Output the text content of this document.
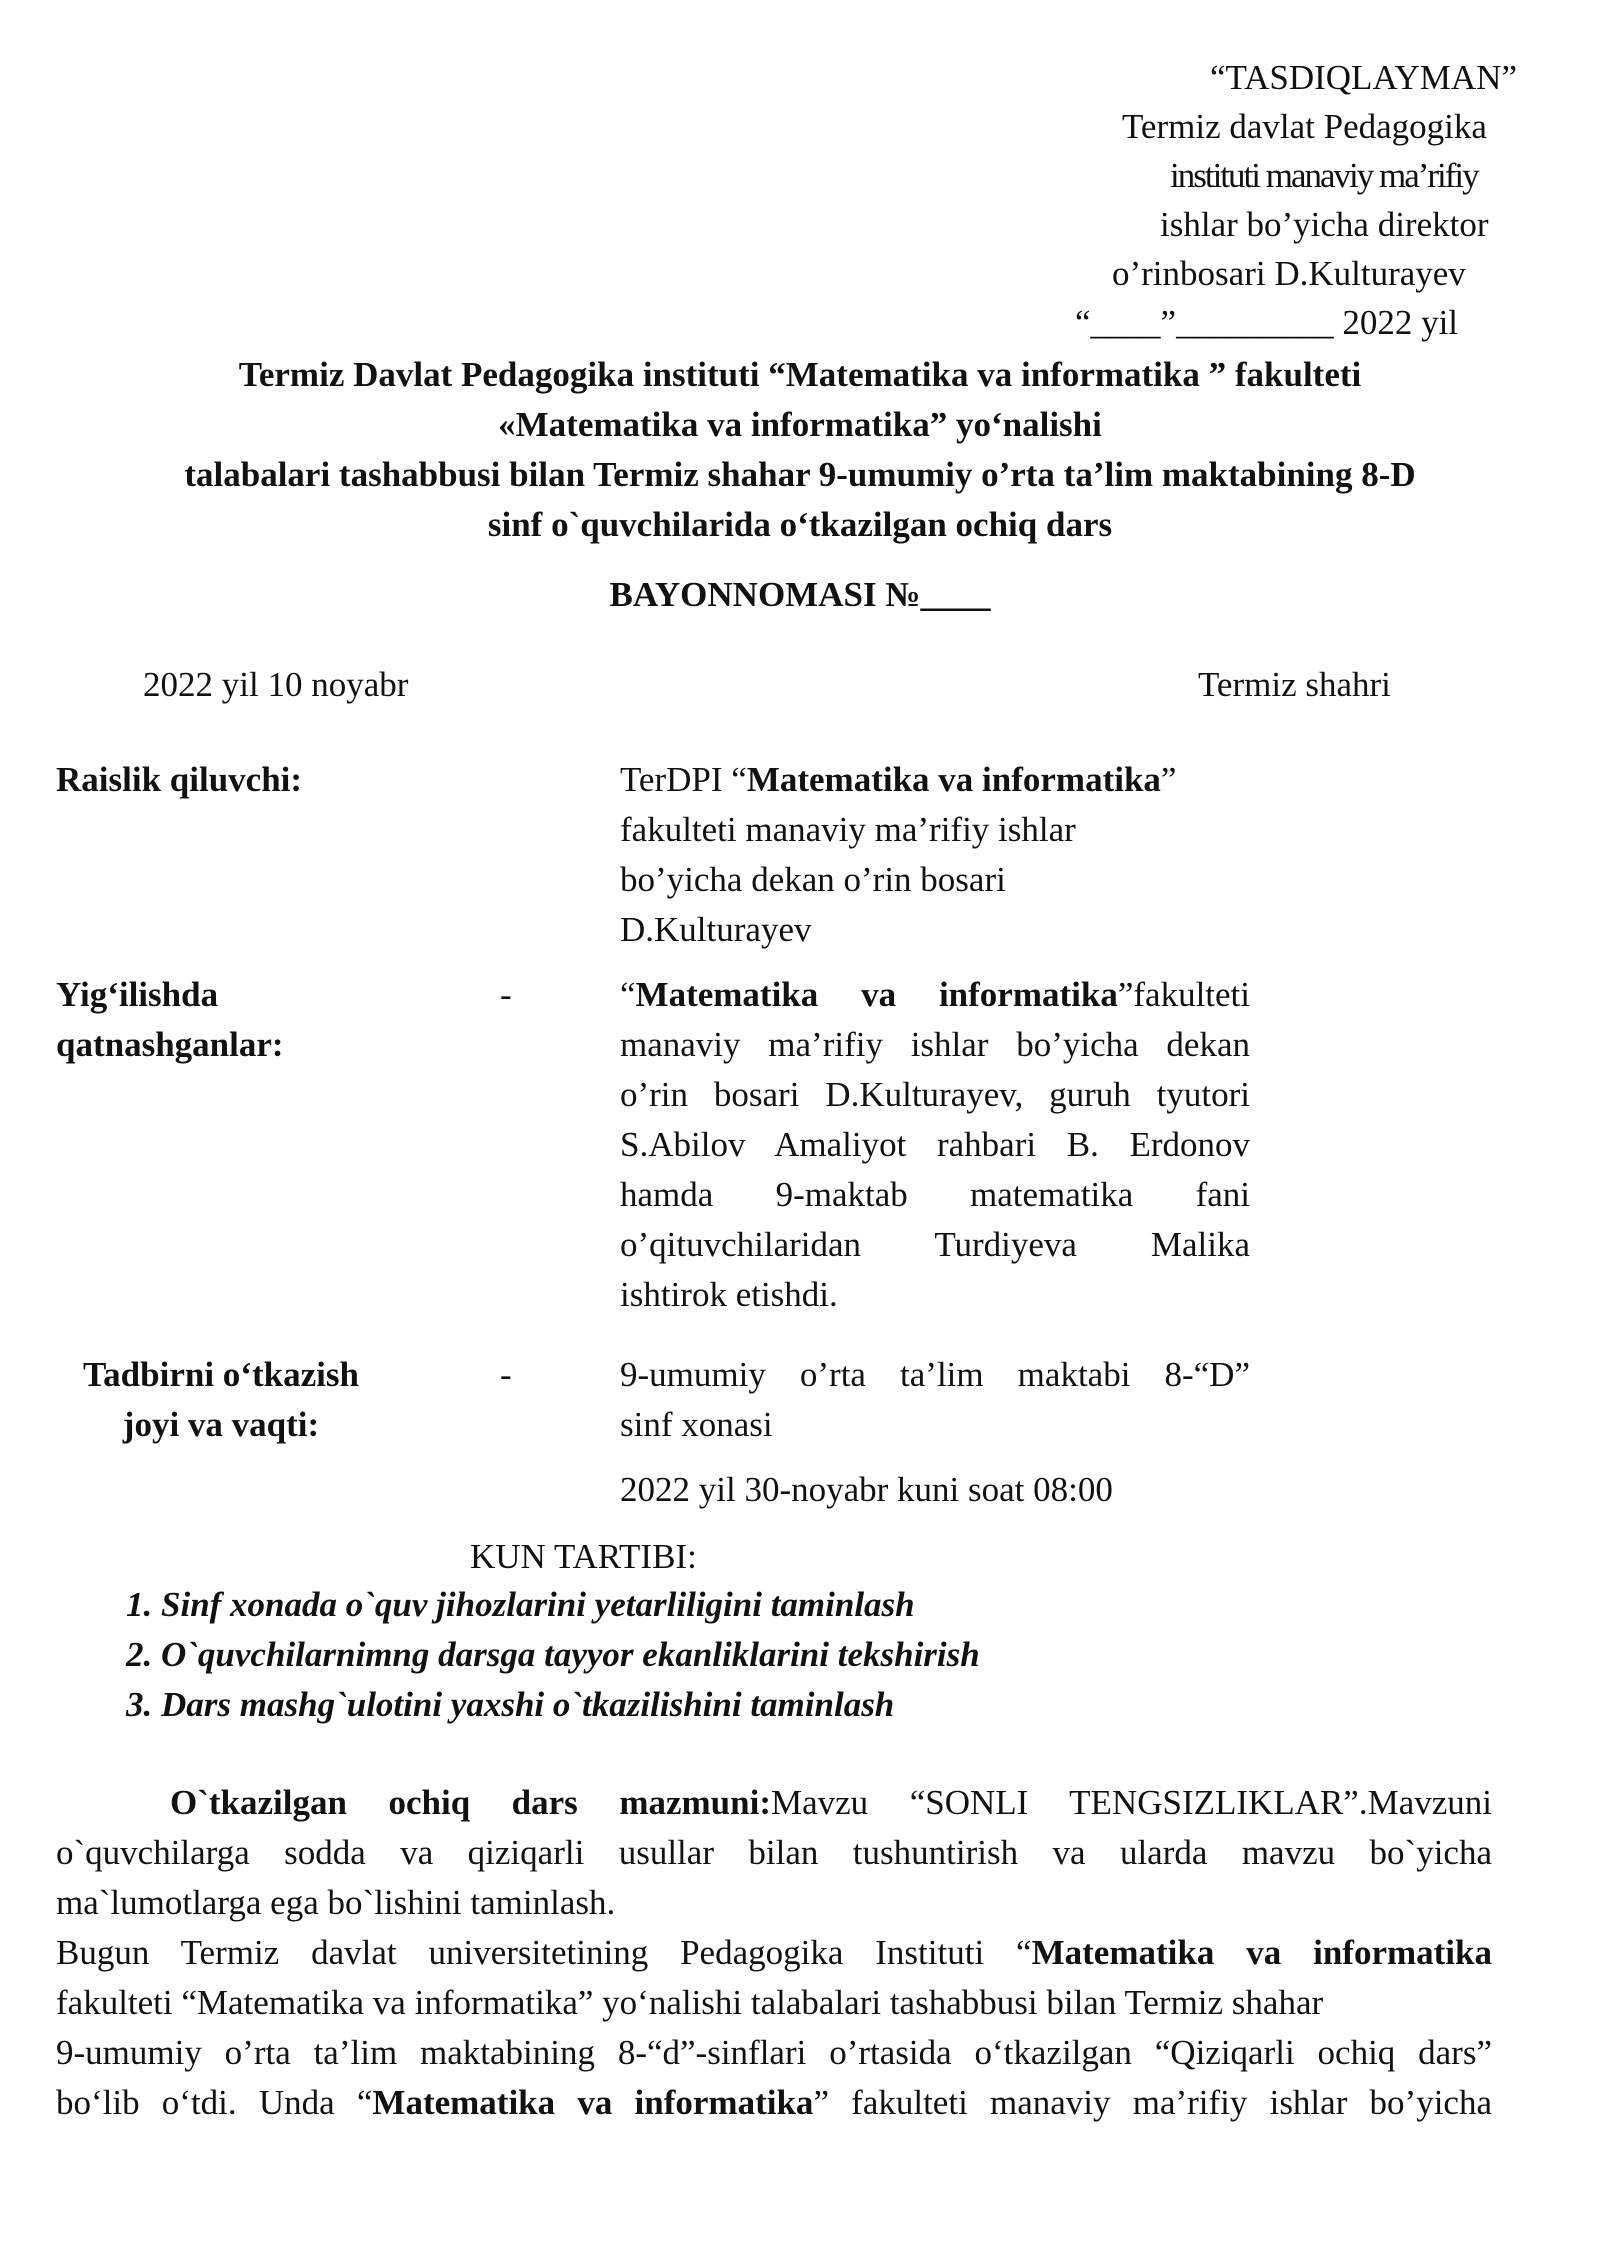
“TASDIQLAYMAN”
Termiz davlat Pedagogika
instituti manaviy ma’rifiy
ishlar bo’yicha direktor
o’rinbosari D.Kulturayev
“____”_________ 2022 yil
Termiz Davlat Pedagogika instituti “Matematika va informatika ” fakulteti
«Matematika va informatika” yo‘nalishi
talabalari tashabbusi bilan Termiz shahar 9-umumiy o’rta ta’lim maktabining 8-D
sinf o`quvchilarida o‘tkazilgan ochiq dars
BAYONNOMASI №____
2022 yil 10 noyabr	Termiz shahri
Raislik qiluvchi:	TerDPI “Matematika va informatika”
fakulteti manaviy ma’rifiy ishlar
bo’yicha dekan o’rin bosari
D.Kulturayev
Yig‘ilishda
qatnashganlar:
-	“Matematika va informatika”fakulteti
manaviy ma’rifiy ishlar bo’yicha dekan
o’rin bosari D.Kulturayev, guruh tyutori
S.Abilov Amaliyot rahbari B. Erdonov
hamda 9-maktab matematika fani
o’qituvchilaridan Turdiyeva Malika
ishtirok etishdi.
Tadbirni o‘tkazish
joyi va vaqti:
-	9-umumiy o’rta ta’lim maktabi 8-“D”
sinf xonasi
2022 yil 30-noyabr kuni soat 08:00
KUN TARTIBI:
1. Sinf xonada o`quv jihozlarini yetarliligini taminlash
2. O`quvchilarnimng darsga tayyor ekanliklarini tekshirish
3. Dars mashg`ulotini yaxshi o`tkazilishini taminlash
O`tkazilgan ochiq dars mazmuni:Mavzu “SONLI TENGSIZLIKLAR”.Mavzuni
o`quvchilarga sodda va qiziqarli usullar bilan tushuntirish va ularda mavzu bo`yicha
ma`lumotlarga ega bo`lishini taminlash.
Bugun Termiz davlat universitetining Pedagogika Instituti “Matematika va informatika
fakulteti “Matematika va informatika” yo‘nalishi talabalari tashabbusi bilan Termiz shahar
9-umumiy o’rta ta’lim maktabining 8-“d”-sinflari o’rtasida o‘tkazilgan “Qiziqarli ochiq dars”
bo‘lib o‘tdi. Unda “Matematika va informatika” fakulteti manaviy ma’rifiy ishlar bo’yicha
